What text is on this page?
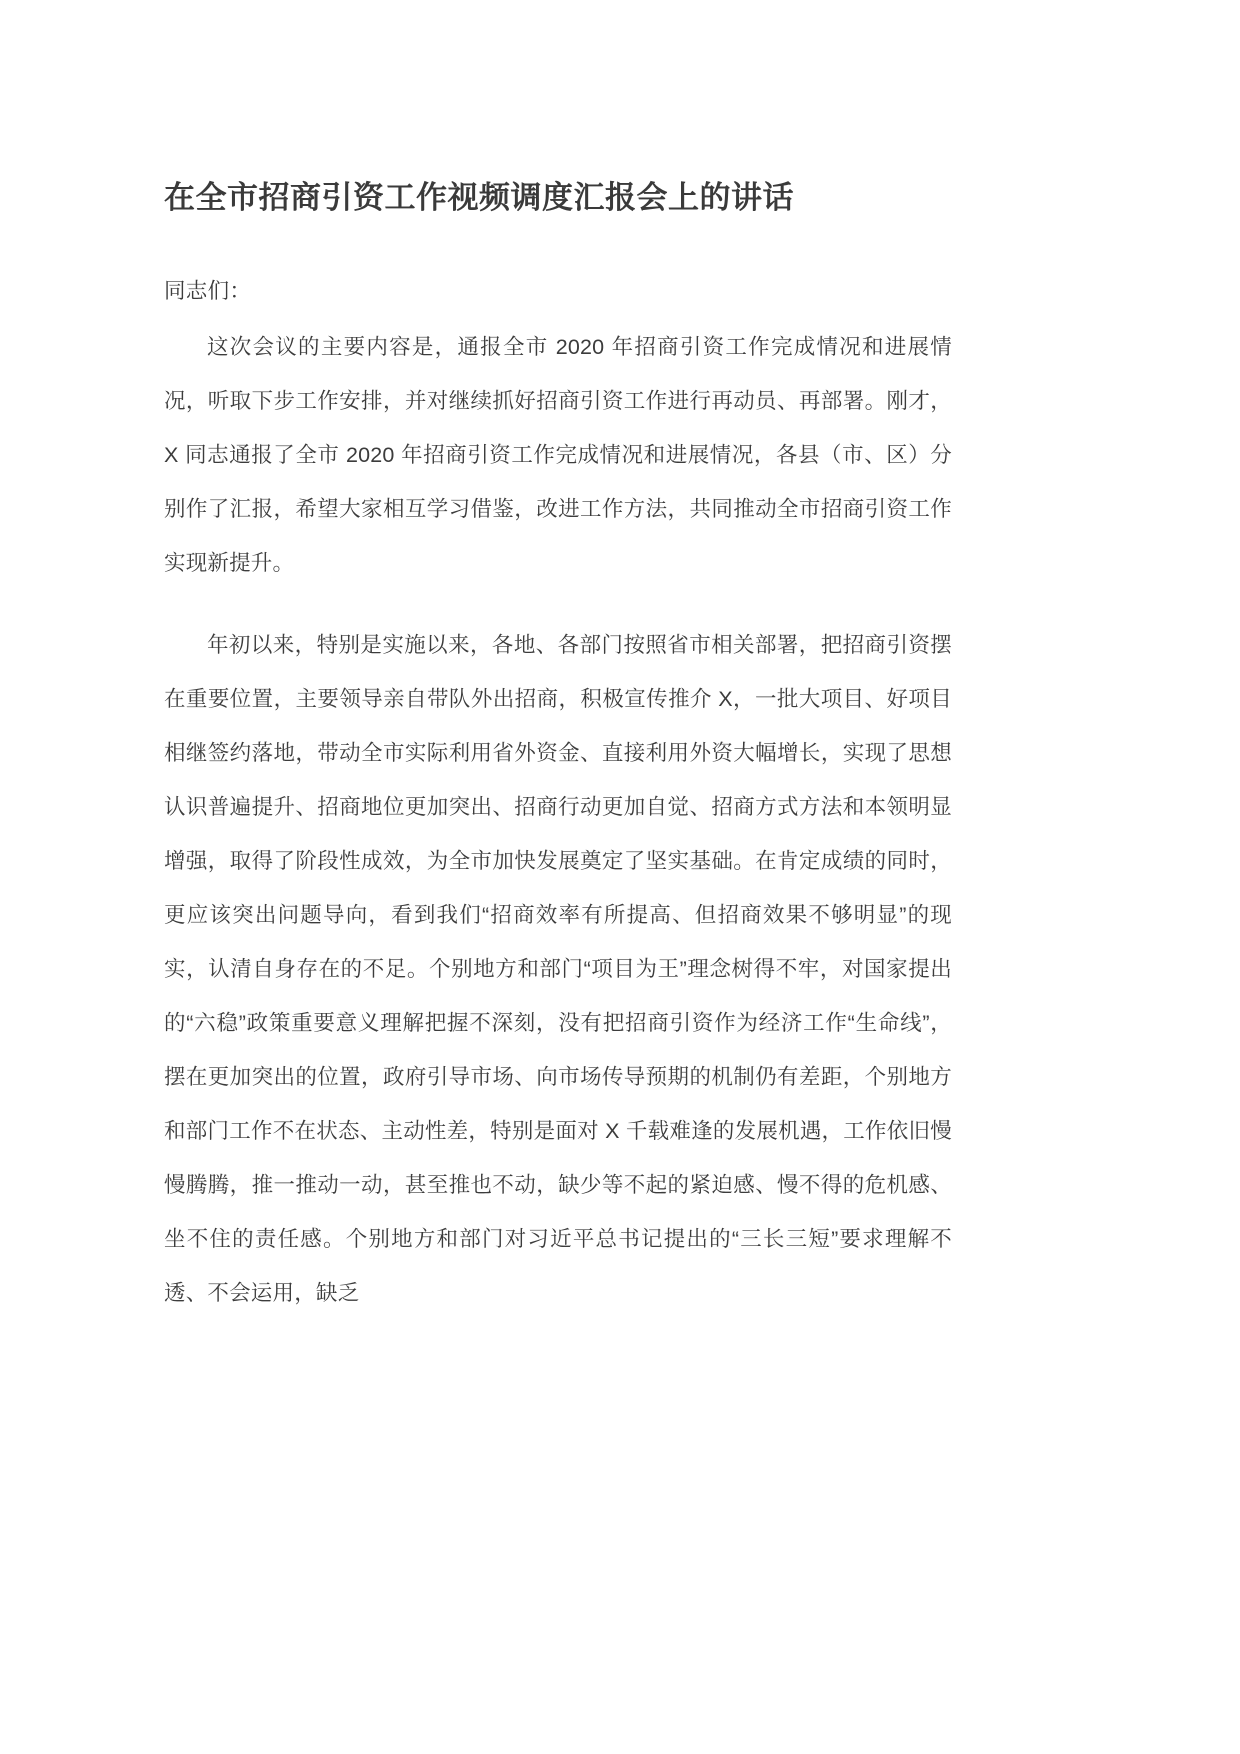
在全市招商引资工作视频调度汇报会上的讲话
同志们：

这次会议的主要内容是，通报全市 2020 年招商引资工作完成情况和进展情况，听取下步工作安排，并对继续抓好招商引资工作进行再动员、再部署。刚才，X 同志通报了全市 2020 年招商引资工作完成情况和进展情况，各县（市、区）分别作了汇报，希望大家相互学习借鉴，改进工作方法，共同推动全市招商引资工作实现新提升。

年初以来，特别是实施以来，各地、各部门按照省市相关部署，把招商引资摆在重要位置，主要领导亲自带队外出招商，积极宣传推介 X，一批大项目、好项目相继签约落地，带动全市实际利用省外资金、直接利用外资大幅增长，实现了思想认识普遍提升、招商地位更加突出、招商行动更加自觉、招商方式方法和本领明显增强，取得了阶段性成效，为全市加快发展奠定了坚实基础。在肯定成绩的同时，更应该突出问题导向，看到我们“招商效率有所提高、但招商效果不够明显”的现实，认清自身存在的不足。个别地方和部门“项目为王”理念树得不牢，对国家提出的“六稳”政策重要意义理解把握不深刻，没有把招商引资作为经济工作“生命线”，摆在更加突出的位置，政府引导市场、向市场传导预期的机制仍有差距，个别地方和部门工作不在状态、主动性差，特别是面对 X 千载难逢的发展机遇，工作依旧慢慢腾腾，推一推动一动，甚至推也不动，缺少等不起的紧迫感、慢不得的危机感、坐不住的责任感。个别地方和部门对习近平总书记提出的“三长三短”要求理解不透、不会运用，缺乏
